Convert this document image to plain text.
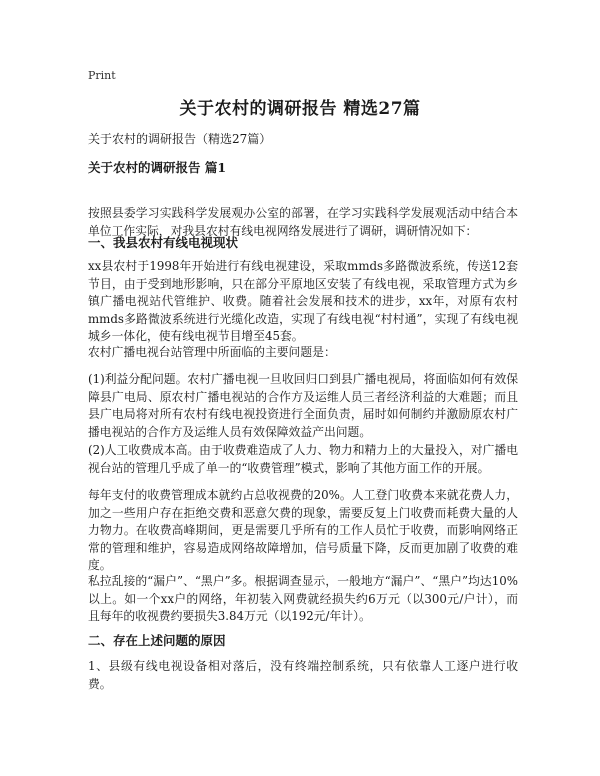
Print
关于农村的调研报告 精选27篇
关于农村的调研报告（精选27篇）
关于农村的调研报告 篇1

按照县委学习实践科学发展观办公室的部署，在学习实践科学发展观活动中结合本单位工作实际，对我县农村有线电视网络发展进行了调研，调研情况如下：

一、我县农村有线电视现状

xx县农村于1998年开始进行有线电视建设，采取mmds多路微波系统，传送12套节目，由于受到地形影响，只在部分平原地区安装了有线电视，采取管理方式为乡镇广播电视站代管维护、收费。随着社会发展和技术的进步，xx年，对原有农村mmds多路微波系统进行光缆化改造，实现了有线电视“村村通”，实现了有线电视城乡一体化，使有线电视节目增至45套。

农村广播电视台站管理中所面临的主要问题是：

(1)利益分配问题。农村广播电视一旦收回归口到县广播电视局，将面临如何有效保障县广电局、原农村广播电视站的合作方及运维人员三者经济利益的大难题；而且县广电局将对所有农村有线电视投资进行全面负责，届时如何制约并激励原农村广播电视站的合作方及运维人员有效保障效益产出问题。

(2)人工收费成本高。由于收费难造成了人力、物力和精力上的大量投入，对广播电视台站的管理几乎成了单一的“收费管理”模式，影响了其他方面工作的开展。

每年支付的收费管理成本就约占总收视费的20%。人工登门收费本来就花费人力，加之一些用户存在拒绝交费和恶意欠费的现象，需要反复上门收费而耗费大量的人力物力。在收费高峰期间，更是需要几乎所有的工作人员忙于收费，而影响网络正常的管理和维护，容易造成网络故障增加，信号质量下降，反而更加剧了收费的难度。

私拉乱接的“漏户”、“黑户”多。根据调查显示，一般地方“漏户”、“黑户”均达10%以上。如一个xx户的网络，年初装入网费就经损失约6万元（以300元/户计），而且每年的收视费约要损失3.84万元（以192元/年计）。

二、存在上述问题的原因

1、县级有线电视设备相对落后，没有终端控制系统，只有依靠人工逐户进行收费。
